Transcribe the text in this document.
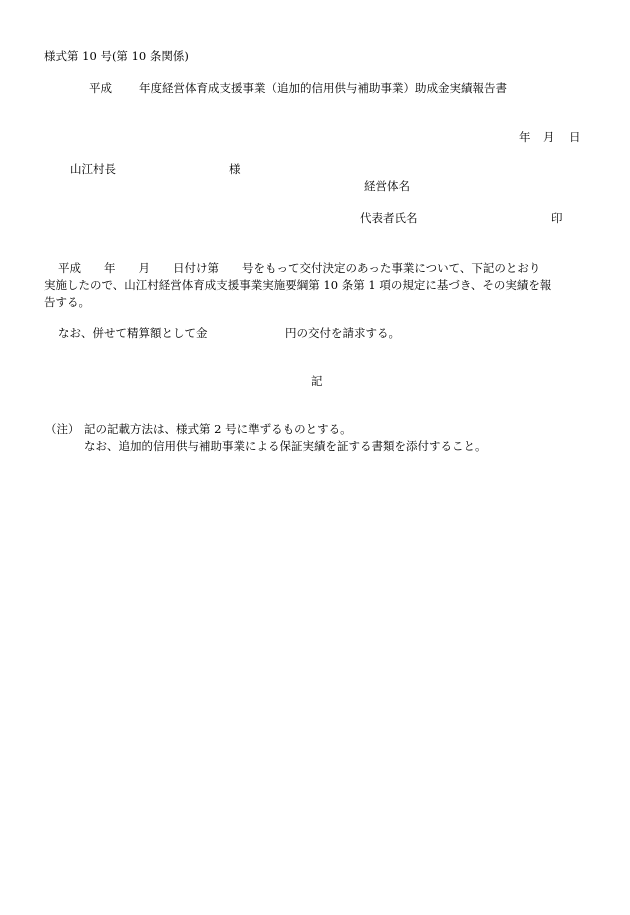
様式第 10 号(第 10 条関係)
平成 年度経営体育成支援事業（追加的信用供与補助事業）助成金実績報告書
年 月 日
山江村長	様
経営体名
代表者氏名	印
平成　　年　　月　　日付け第　　号をもって交付決定のあった事業について、下記のとおり
実施したので、山江村経営体育成支援事業実施要綱第 10 条第 1 項の規定に基づき、その実績を報
告する。
なお、併せて精算額として金	円の交付を請求する。
記
（注） 記の記載方法は、様式第 2 号に準ずるものとする。
なお、追加的信用供与補助事業による保証実績を証する書類を添付すること。
